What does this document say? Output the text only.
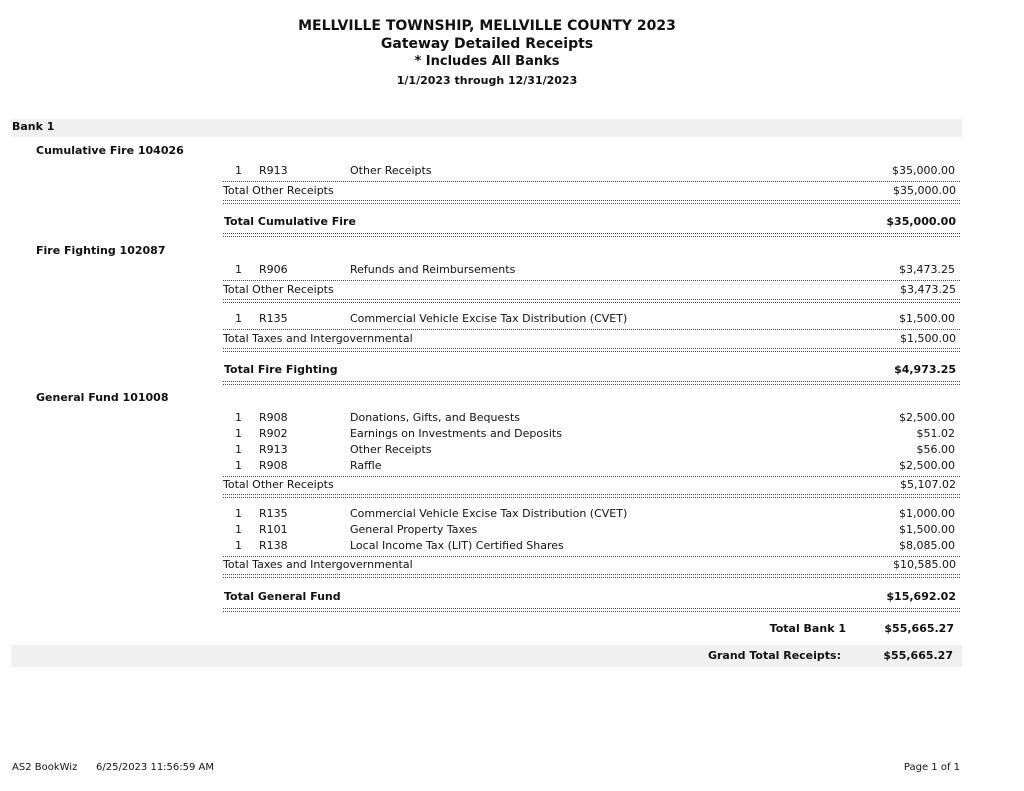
MELLVILLE TOWNSHIP, MELLVILLE COUNTY 2023
Gateway Detailed Receipts
* Includes All Banks
1/1/2023 through 12/31/2023
Bank 1
Cumulative Fire 104026
1 R913	Other Receipts	$35,000.00
Total Other Receipts	$35,000.00
Total Cumulative Fire	$35,000.00
Fire Fighting 102087
1 R906	Refunds and Reimbursements	$3,473.25
Total Other Receipts	$3,473.25
1 R135	Commercial Vehicle Excise Tax Distribution (CVET)	$1,500.00
Total Taxes and Intergovernmental	$1,500.00
Total Fire Fighting	$4,973.25
General Fund 101008
1 R908	Donations, Gifts, and Bequests	$2,500.00
1 R902	Earnings on Investments and Deposits	$51.02
1 R913	Other Receipts	$56.00
1 R908	Raffle	$2,500.00
Total Other Receipts	$5,107.02
1 R135	Commercial Vehicle Excise Tax Distribution (CVET)	$1,000.00
1 R101	General Property Taxes	$1,500.00
1 R138	Local Income Tax (LIT) Certified Shares	$8,085.00
Total Taxes and Intergovernmental	$10,585.00
Total General Fund	$15,692.02
Total Bank 1	$55,665.27
Grand Total Receipts:	$55,665.27
AS2 BookWiz 6/25/2023 11:56:59 AM	Page 1 of 1
